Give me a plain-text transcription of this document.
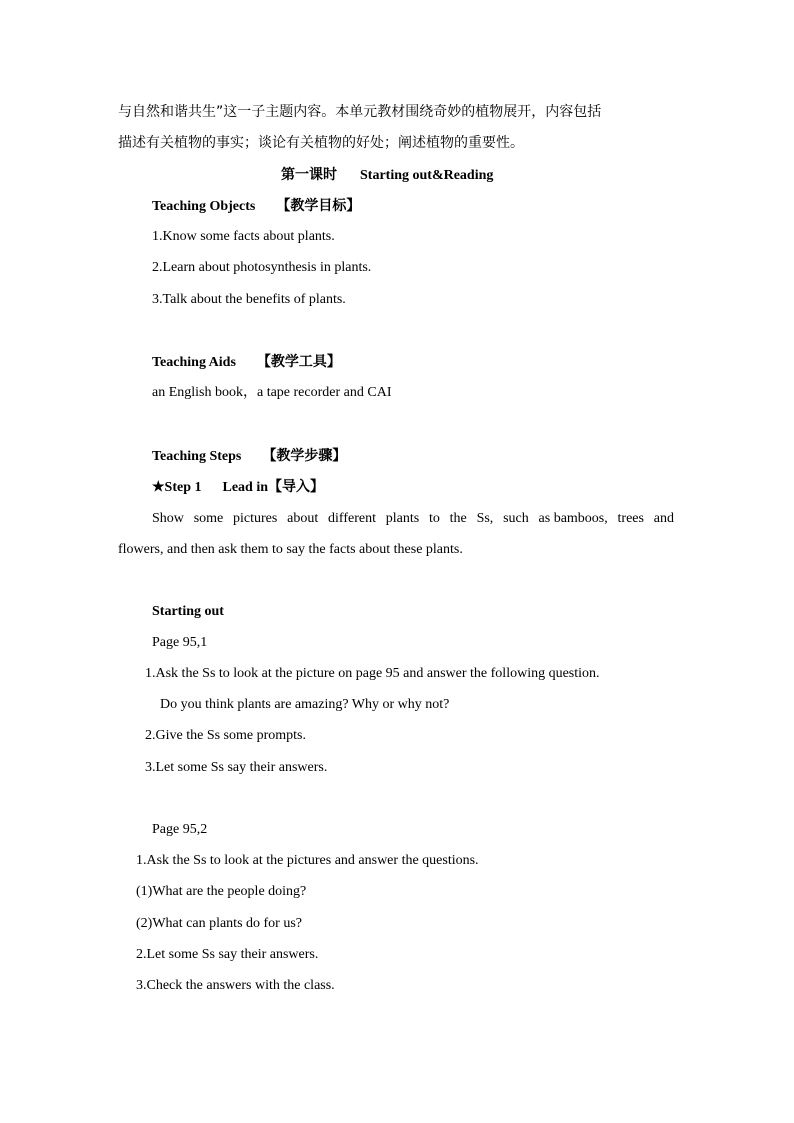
与自然和谐共生”这一子主题内容。本单元教材围绕奇妙的植物展开，内容包括
描述有关植物的事实；谈论有关植物的好处；阐述植物的重要性。
第一课时 Starting out&Reading
Teaching Objects 【教学目标】
1.Know some facts about plants.
2.Learn about photosynthesis in plants.
3.Talk about the benefits of plants.
Teaching Aids 【教学工具】
an English book，a tape recorder and CAI
Teaching Steps 【教学步骤】
★Step 1 Lead in【导入】
Show some pictures about different plants to the Ss, such as bamboos, trees and
flowers, and then ask them to say the facts about these plants.
Starting out
Page 95,1
1.Ask the Ss to look at the picture on page 95 and answer the following question.
Do you think plants are amazing? Why or why not?
2.Give the Ss some prompts.
3.Let some Ss say their answers.
Page 95,2
1.Ask the Ss to look at the pictures and answer the questions.
(1)What are the people doing?
(2)What can plants do for us?
2.Let some Ss say their answers.
3.Check the answers with the class.
